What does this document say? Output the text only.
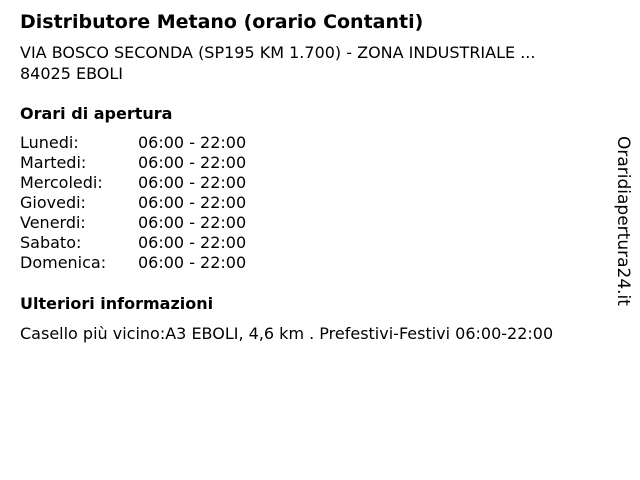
Distributore Metano (orario Contanti)
VIA BOSCO SECONDA (SP195 KM 1.700) - ZONA INDUSTRIALE ...
84025 EBOLI
Orari di apertura
Lunedi:	06:00 - 22:00
Martedi:	06:00 - 22:00
Mercoledi: 06:00 - 22:00
Giovedi:	06:00 - 22:00
Venerdi:	06:00 - 22:00
Sabato:	06:00 - 22:00
Domenica: 06:00 - 22:00
Ulteriori informazioni
Casello più vicino:A3 EBOLI, 4,6 km . Prefestivi-Festivi 06:00-22:00
Oraridiapertura24.it
